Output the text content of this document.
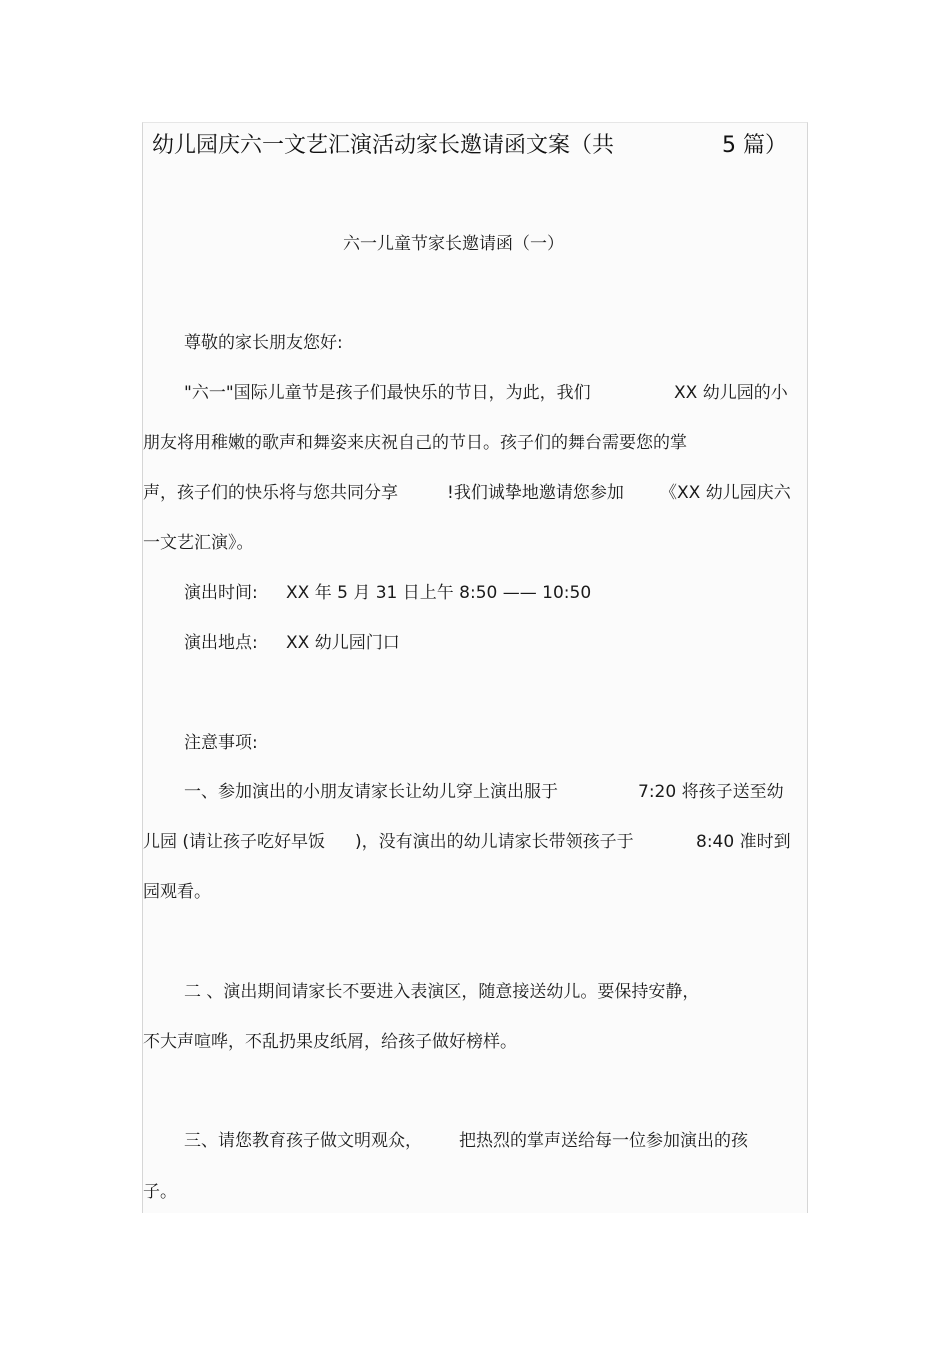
幼儿园庆六一文艺汇演活动家长邀请函文案（共	5 篇）
六一儿童节家长邀请函（一）
尊敬的家长朋友您好:
"六一"国际儿童节是孩子们最快乐的节日，为此，我们	XX 幼儿园的小
朋友将用稚嫩的歌声和舞姿来庆祝自己的节日。孩子们的舞台需要您的掌
声，孩子们的快乐将与您共同分享	!我们诚挚地邀请您参加 《XX 幼儿园庆六
一文艺汇演》。
演出时间: XX 年 5 月 31 日上午 8:50 —— 10:50
演出地点: XX 幼儿园门口
注意事项:
一、参加演出的小朋友请家长让幼儿穿上演出服于	7:20 将孩子送至幼
儿园 (请让孩子吃好早饭 )，没有演出的幼儿请家长带领孩子于	8:40 准时到
园观看。
二 、演出期间请家长不要进入表演区，随意接送幼儿。要保持安静，
不大声喧哗，不乱扔果皮纸屑，给孩子做好榜样。
三、请您教育孩子做文明观众， 把热烈的掌声送给每一位参加演出的孩
子。
